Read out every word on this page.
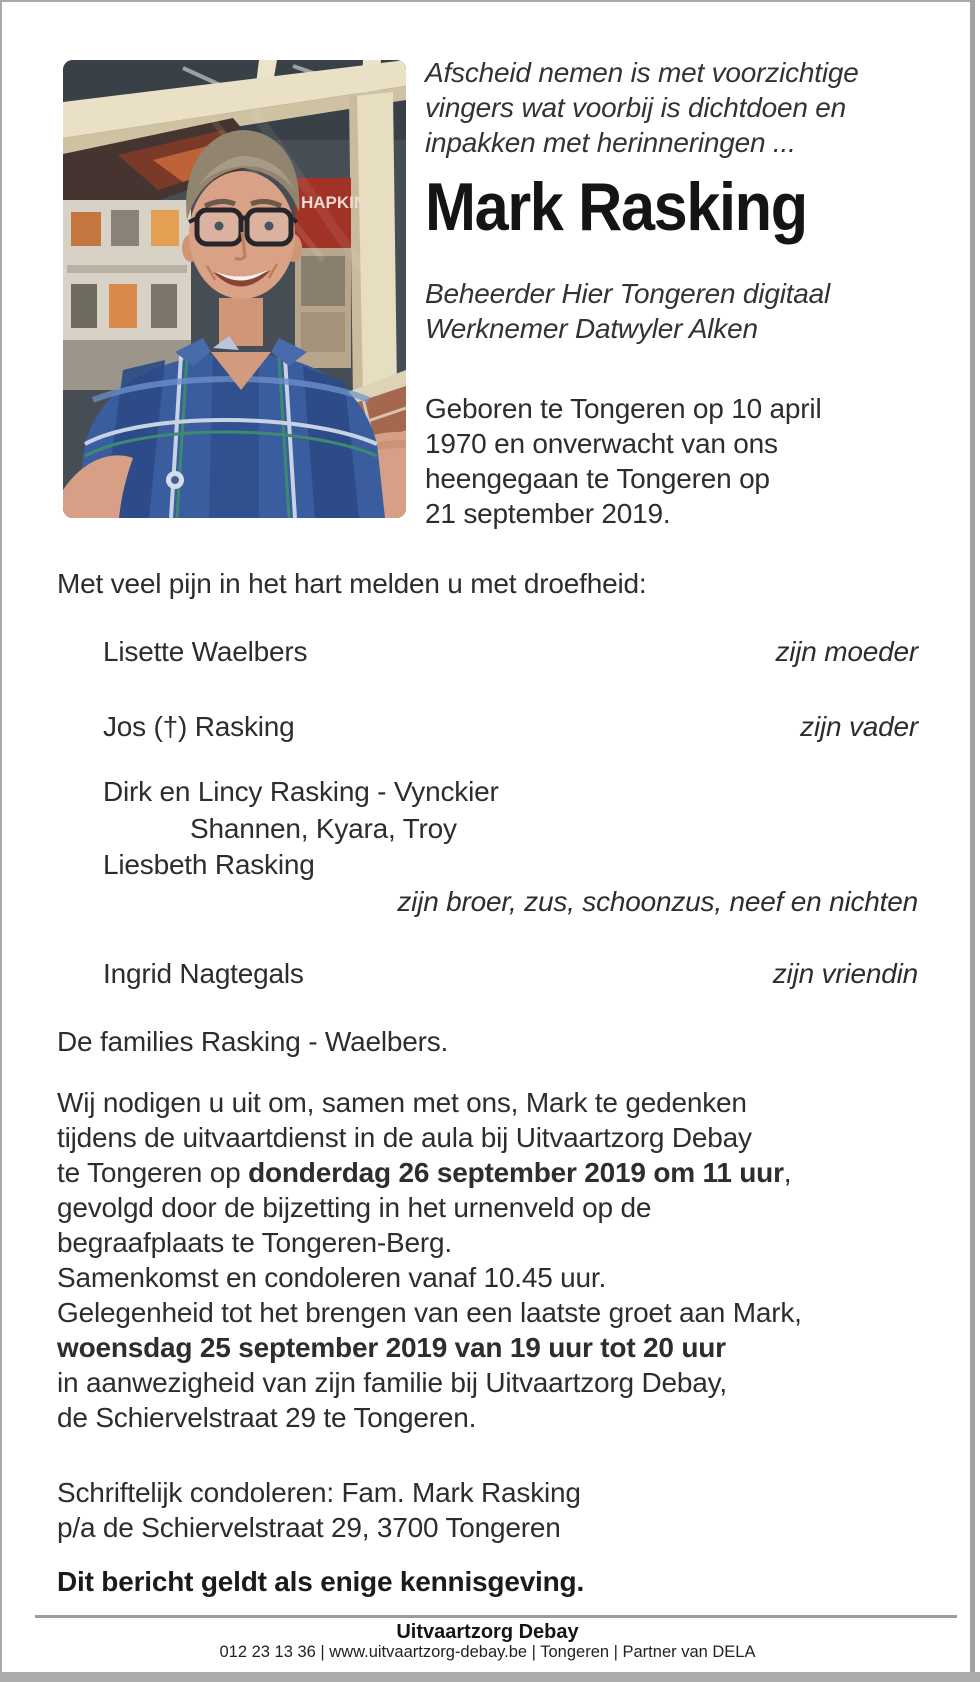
HAPKIN
Afscheid nemen is met voorzichtige
vingers wat voorbij is dichtdoen en
inpakken met herinneringen ...
Mark Rasking
Beheerder Hier Tongeren digitaal
Werknemer Datwyler Alken
Geboren te Tongeren op 10 april
1970 en onverwacht van ons
heengegaan te Tongeren op
21 september 2019.
Met veel pijn in het hart melden u met droefheid:
Lisette Waelbers	zijn moeder
Jos (†) Rasking	zijn vader
Dirk en Lincy Rasking - Vynckier
Shannen, Kyara, Troy
Liesbeth Rasking
zijn broer, zus, schoonzus, neef en nichten
Ingrid Nagtegals	zijn vriendin
De families Rasking - Waelbers.
Wij nodigen u uit om, samen met ons, Mark te gedenken
tijdens de uitvaartdienst in de aula bij Uitvaartzorg Debay
te Tongeren op donderdag 26 september 2019 om 11 uur,
gevolgd door de bijzetting in het urnenveld op de
begraafplaats te Tongeren-Berg.
Samenkomst en condoleren vanaf 10.45 uur.
Gelegenheid tot het brengen van een laatste groet aan Mark,
woensdag 25 september 2019 van 19 uur tot 20 uur
in aanwezigheid van zijn familie bij Uitvaartzorg Debay,
de Schiervelstraat 29 te Tongeren.
Schriftelijk condoleren: Fam. Mark Rasking
p/a de Schiervelstraat 29, 3700 Tongeren
Dit bericht geldt als enige kennisgeving.
Uitvaartzorg Debay
012 23 13 36 | www.uitvaartzorg-debay.be | Tongeren | Partner van DELA
